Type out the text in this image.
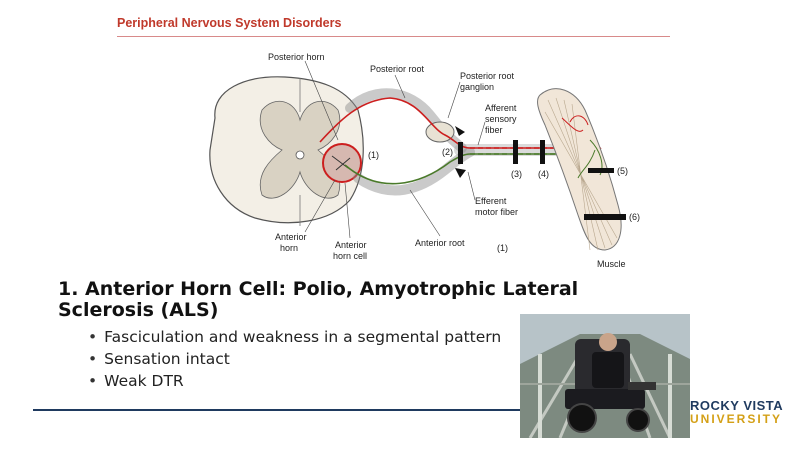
Peripheral Nervous System Disorders
Posterior horn
Posterior root
Posterior root
ganglion
Afferent
sensory
fiber
(1)	(2)
(3) (4)	(5)
(6)
Efferent
motor fiber
Anterior
horn	Anterior
horn cell
Anterior root	(1)
Muscle
1. Anterior Horn Cell: Polio, Amyotrophic Lateral Sclerosis (ALS)
• Fasciculation and weakness in a segmental pattern
• Sensation intact
• Weak DTR
ROCKY VISTA
UNIVERSITY
